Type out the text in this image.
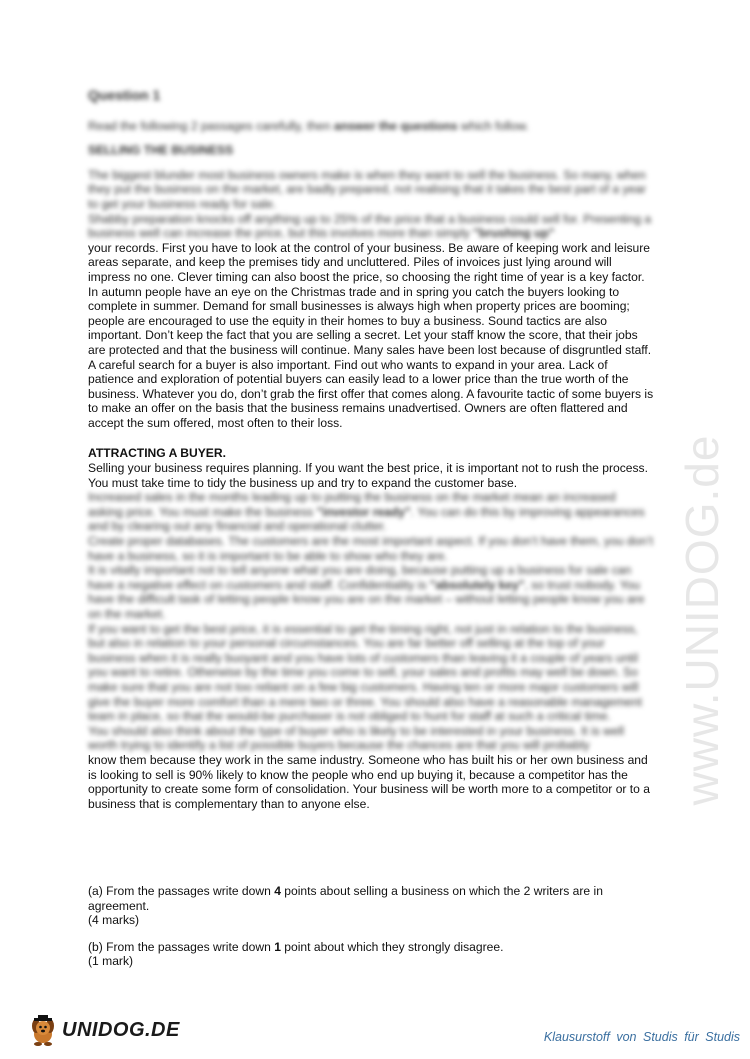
www.UNIDOG.de

Question 1

Read the following 2 passages carefully, then answer the questions which follow.

SELLING THE BUSINESS

The biggest blunder most business owners make is when they want to sell the business. So many, when they put the business on the market, are badly prepared, not realising that it takes the best part of a year to get your business ready for sale.

Shabby preparation knocks off anything up to 25% of the price that a business could sell for. Presenting a business well can increase the price, but this involves more than simply "brushing up"

your records. First you have to look at the control of your business. Be aware of keeping work and leisure areas separate, and keep the premises tidy and uncluttered. Piles of invoices just lying around will impress no one. Clever timing can also boost the price, so choosing the right time of year is a key factor. In autumn people have an eye on the Christmas trade and in spring you catch the buyers looking to complete in summer. Demand for small businesses is always high when property prices are booming; people are encouraged to use the equity in their homes to buy a business. Sound tactics are also important. Don’t keep the fact that you are selling a secret. Let your staff know the score, that their jobs are protected and that the business will continue. Many sales have been lost because of disgruntled staff.

A careful search for a buyer is also important. Find out who wants to expand in your area. Lack of patience and exploration of potential buyers can easily lead to a lower price than the true worth of the business. Whatever you do, don’t grab the first offer that comes along. A favourite tactic of some buyers is to make an offer on the basis that the business remains unadvertised. Owners are often flattered and accept the sum offered, most often to their loss.

ATTRACTING A BUYER.

Selling your business requires planning. If you want the best price, it is important not to rush the process. You must take time to tidy the business up and try to expand the customer base.

Increased sales in the months leading up to putting the business on the market mean an increased asking price. You must make the business "investor ready". You can do this by improving appearances and by clearing out any financial and operational clutter.

Create proper databases. The customers are the most important aspect. If you don’t have them, you don’t have a business, so it is important to be able to show who they are.

It is vitally important not to tell anyone what you are doing, because putting up a business for sale can have a negative effect on customers and staff. Confidentiality is "absolutely key", so trust nobody. You have the difficult task of letting people know you are on the market – without letting people know you are on the market.

If you want to get the best price, it is essential to get the timing right, not just in relation to the business, but also in relation to your personal circumstances. You are far better off selling at the top of your business when it is really buoyant and you have lots of customers than leaving it a couple of years until you want to retire. Otherwise by the time you come to sell, your sales and profits may well be down. So make sure that you are not too reliant on a few big customers. Having ten or more major customers will give the buyer more comfort than a mere two or three. You should also have a reasonable management team in place, so that the would-be purchaser is not obliged to hunt for staff at such a critical time.

You should also think about the type of buyer who is likely to be interested in your business. It is well worth trying to identify a list of possible buyers because the chances are that you will probably

know them because they work in the same industry. Someone who has built his or her own business and is looking to sell is 90% likely to know the people who end up buying it, because a competitor has the opportunity to create some form of consolidation. Your business will be worth more to a competitor or to a business that is complementary than to anyone else.

(a) From the passages write down 4 points about selling a business on which the 2 writers are in agreement.

(4 marks)

(b) From the passages write down 1 point about which they strongly disagree.

(1 mark)

UNIDOG.DE	Klausurstoff von Studis für Studis
